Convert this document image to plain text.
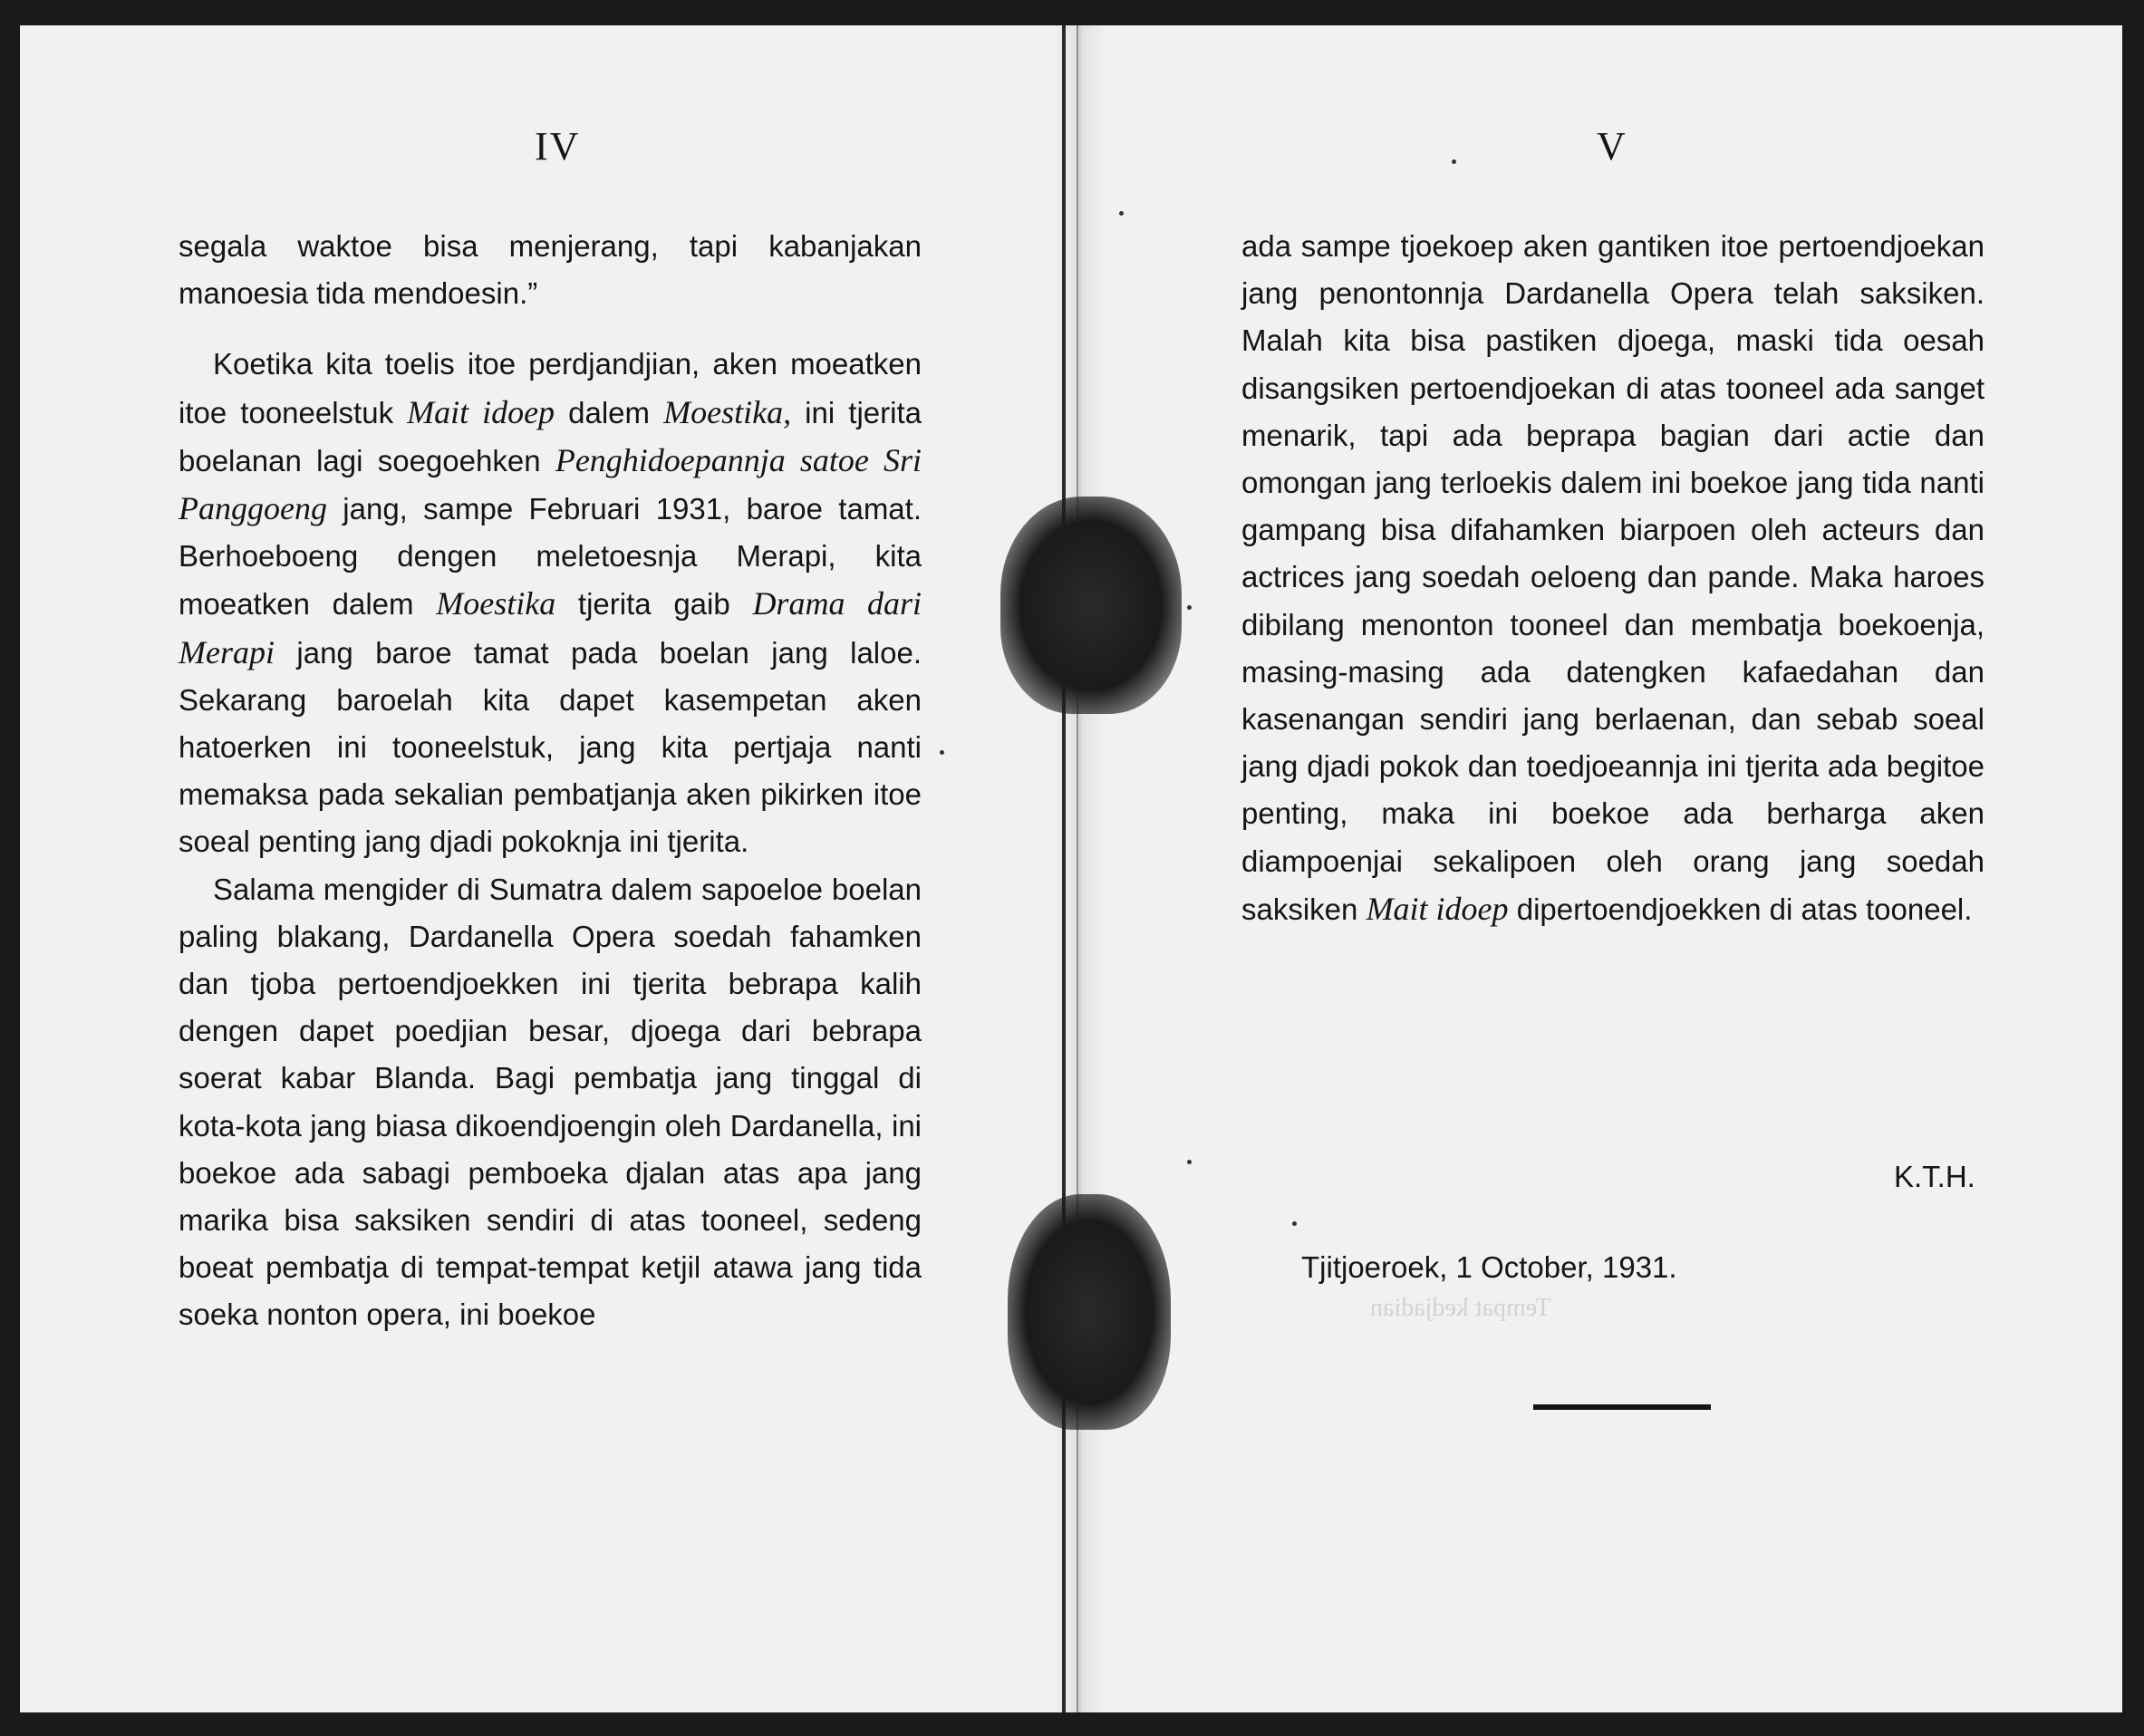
IV

segala waktoe bisa menjerang, tapi kabanjakan manoesia tida mendoesin.”

Koetika kita toelis itoe perdjandjian, aken moeatken itoe tooneelstuk Mait idoep dalem Moestika, ini tjerita boelanan lagi soegoehken Penghidoepannja satoe Sri Panggoeng jang, sampe Februari 1931, baroe tamat. Berhoeboeng dengen meletoesnja Merapi, kita moeatken dalem Moestika tjerita gaib Drama dari Merapi jang baroe tamat pada boelan jang laloe. Sekarang baroelah kita dapet kasempetan aken hatoerken ini tooneelstuk, jang kita pertjaja nanti memaksa pada sekalian pembatjanja aken pikirken itoe soeal penting jang djadi pokoknja ini tjerita.

Salama mengider di Sumatra dalem sapoeloe boelan paling blakang, Dardanella Opera soedah fahamken dan tjoba pertoendjoekken ini tjerita bebrapa kalih dengen dapet poedjian besar, djoega dari bebrapa soerat kabar Blanda. Bagi pembatja jang tinggal di kota-kota jang biasa dikoendjoengin oleh Dardanella, ini boekoe ada sabagi pemboeka djalan atas apa jang marika bisa saksiken sendiri di atas tooneel, sedeng boeat pembatja di tempat-tempat ketjil atawa jang tida soeka nonton opera, ini boekoe	Tempat kedjadian
V

ada sampe tjoekoep aken gantiken itoe pertoendjoekan jang penontonnja Dardanella Opera telah saksiken. Malah kita bisa pastiken djoega, maski tida oesah disangsiken pertoendjoekan di atas tooneel ada sanget menarik, tapi ada beprapa bagian dari actie dan omongan jang terloekis dalem ini boekoe jang tida nanti gampang bisa difahamken biarpoen oleh acteurs dan actrices jang soedah oeloeng dan pande. Maka haroes dibilang menonton tooneel dan membatja boekoenja, masing-masing ada datengken kafaedahan dan kasenangan sendiri jang berlaenan, dan sebab soeal jang djadi pokok dan toedjoeannja ini tjerita ada begitoe penting, maka ini boekoe ada berharga aken diampoenjai sekalipoen oleh orang jang soedah saksiken Mait idoep dipertoendjoekken di atas tooneel.

K.T.H.
Tjitjoeroek, 1 October, 1931.
